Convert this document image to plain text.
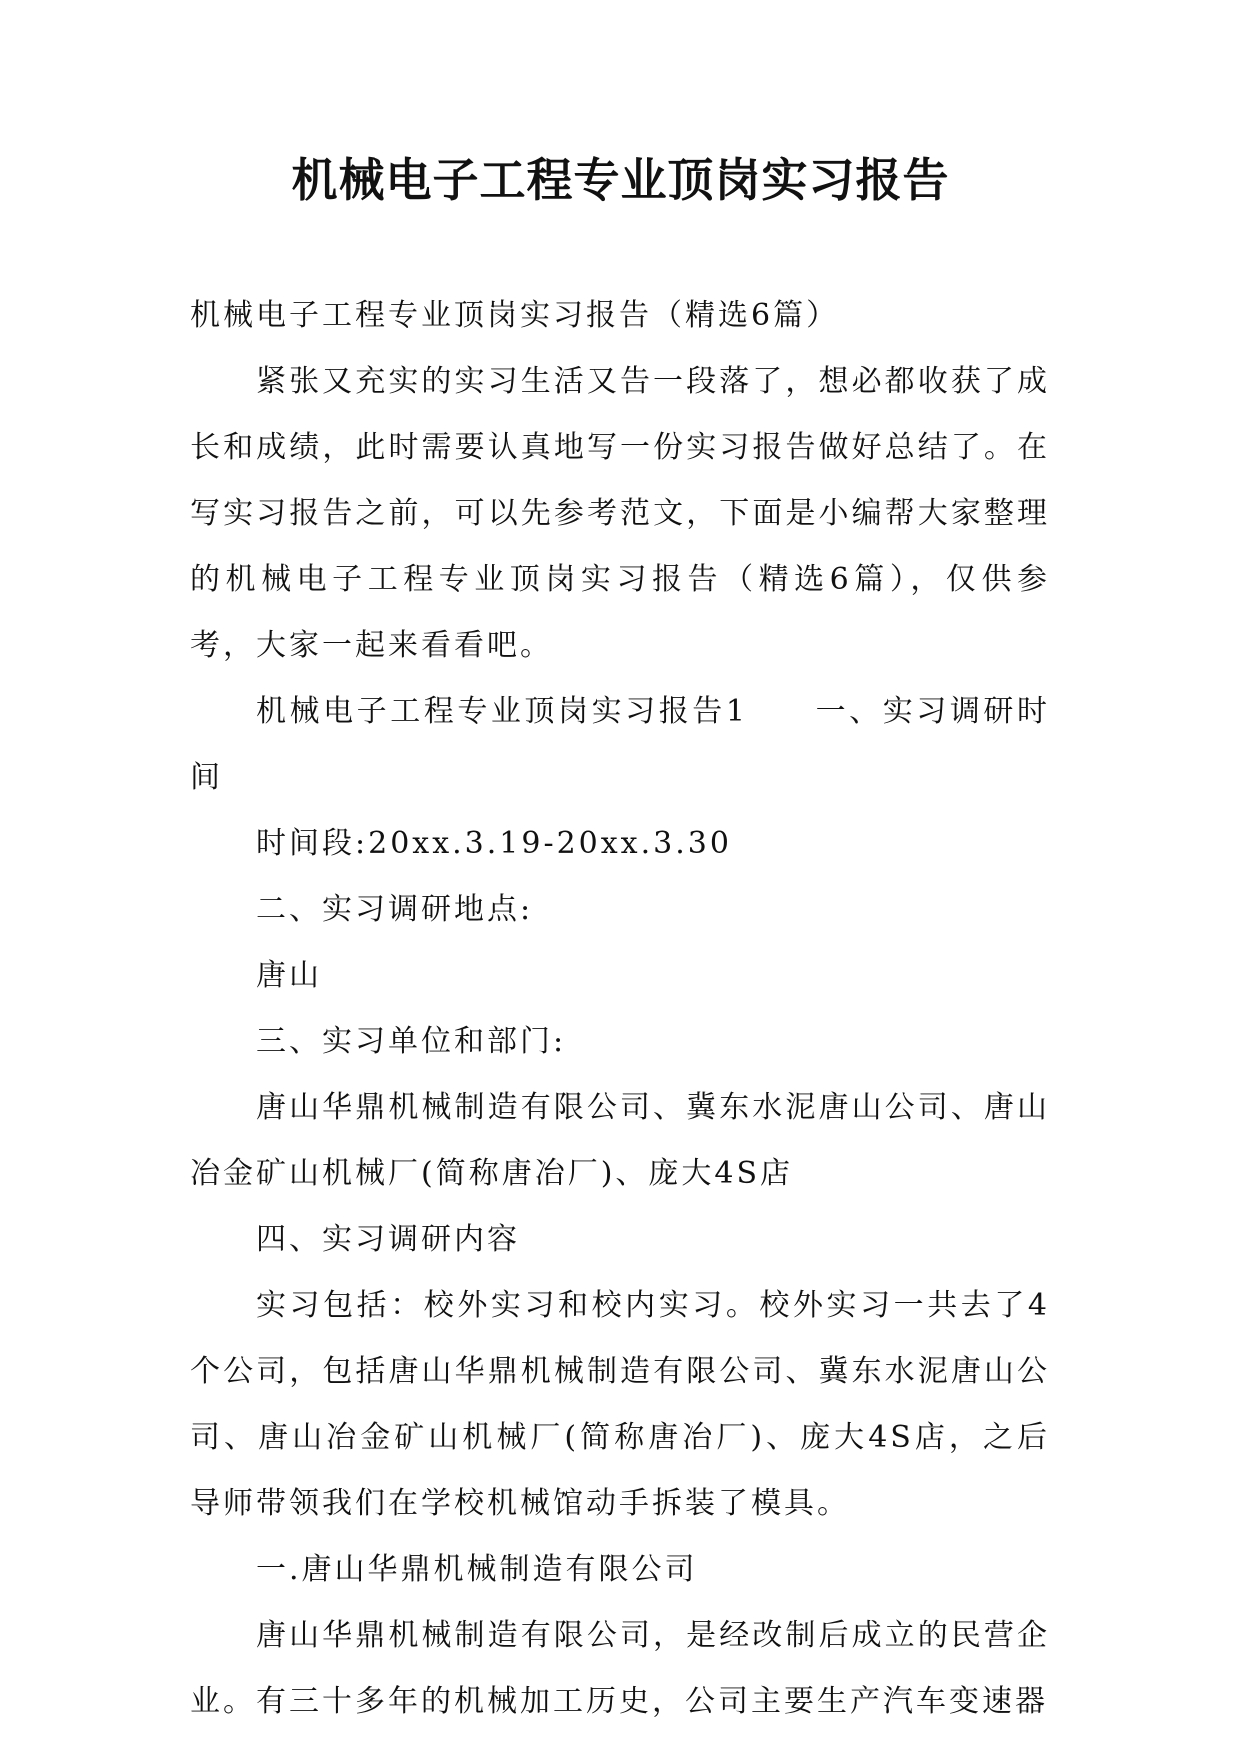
机械电子工程专业顶岗实习报告

机械电子工程专业顶岗实习报告（精选6篇）

紧张又充实的实习生活又告一段落了，想必都收获了成长和成绩，此时需要认真地写一份实习报告做好总结了。在写实习报告之前，可以先参考范文，下面是小编帮大家整理的机械电子工程专业顶岗实习报告（精选6篇），仅供参考，大家一起来看看吧。

机械电子工程专业顶岗实习报告1　　一、实习调研时间

时间段:20xx.3.19-20xx.3.30

二、实习调研地点:

唐山

三、实习单位和部门:

唐山华鼎机械制造有限公司、冀东水泥唐山公司、唐山冶金矿山机械厂(简称唐冶厂)、庞大4S店

四、实习调研内容

实习包括：校外实习和校内实习。校外实习一共去了4个公司，包括唐山华鼎机械制造有限公司、冀东水泥唐山公司、唐山冶金矿山机械厂(简称唐冶厂)、庞大4S店，之后导师带领我们在学校机械馆动手拆装了模具。

一.唐山华鼎机械制造有限公司

唐山华鼎机械制造有限公司，是经改制后成立的民营企业。有三十多年的机械加工历史，公司主要生产汽车变速器
